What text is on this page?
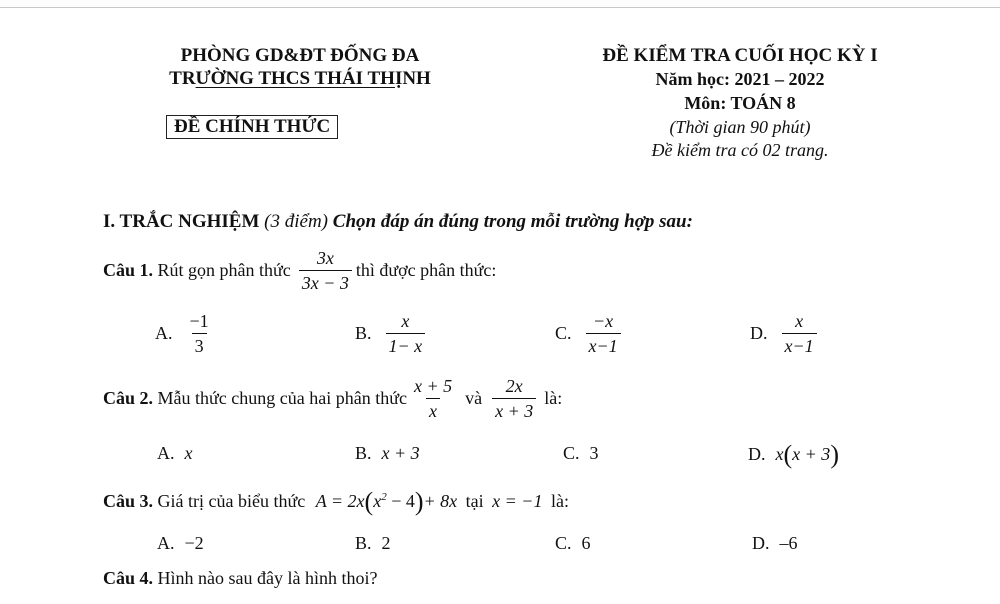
PHÒNG GD&ĐT ĐỐNG ĐA
TRƯỜNG THCS THÁI THỊNH
ĐỀ CHÍNH THỨC
ĐỀ KIỂM TRA CUỐI HỌC KỲ I
Năm học: 2021 – 2022
Môn: TOÁN 8
(Thời gian 90 phút)
Đề kiểm tra có 02 trang.
I. TRẮC NGHIỆM (3 điểm) Chọn đáp án đúng trong mỗi trường hợp sau:
Câu 1.
Rút gọn phân thức $\frac{3x}{3x - 3}$ thì được phân thức:
A. $\frac{-1}{3}$	B. $\frac{x}{1- x}$	C. $\frac{-x}{x-1}$	D. $\frac{x}{x-1}$
Câu 2.
Mẫu thức chung của hai phân thức $\frac{x + 5}{x}$ và $\frac{2x}{x + 3}$ là:
A. x	B. x + 3	C. 3	D. x(x + 3)
Câu 3. Giá trị của biểu thức $A = 2x(x^2 - 4)+ 8x$ tại x = −1 là:
A. −2	B. 2	C. 6	D. –6
Câu 4. Hình nào sau đây là hình thoi?
